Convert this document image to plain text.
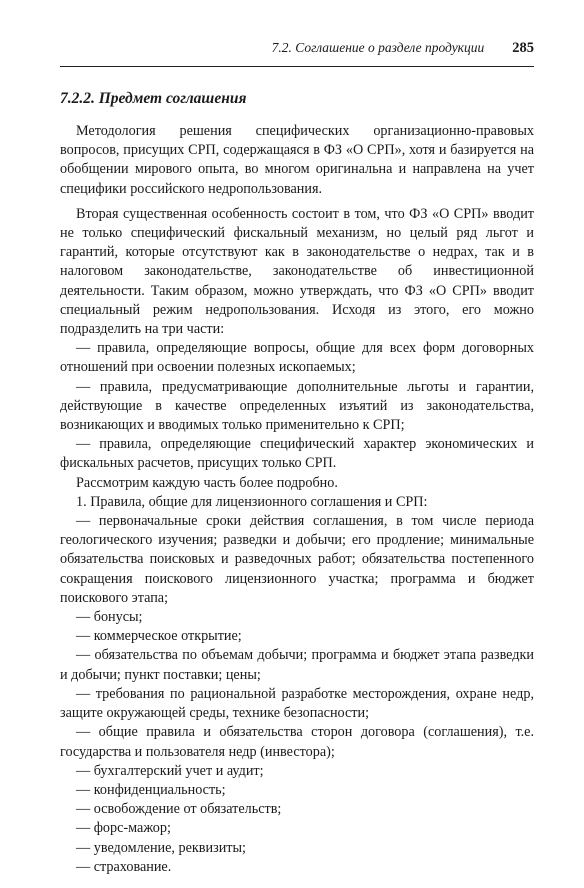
7.2. Соглашение о разделе продукции 285
7.2.2. Предмет соглашения

Методология решения специфических организационно-правовых вопросов, присущих СРП, содержащаяся в ФЗ «О СРП», хотя и базируется на обобщении мирового опыта, во многом оригинальна и направлена на учет специфики российского недропользования.

Вторая существенная особенность состоит в том, что ФЗ «О СРП» вводит не только специфический фискальный механизм, но целый ряд льгот и гарантий, которые отсутствуют как в законодательстве о недрах, так и в налоговом законодательстве, законодательстве об инвестиционной деятельности. Таким образом, можно утверждать, что ФЗ «О СРП» вводит специальный режим недропользования. Исходя из этого, его можно подразделить на три части:

— правила, определяющие вопросы, общие для всех форм договорных отношений при освоении полезных ископаемых;

— правила, предусматривающие дополнительные льготы и гарантии, действующие в качестве определенных изъятий из законодательства, возникающих и вводимых только применительно к СРП;

— правила, определяющие специфический характер экономических и фискальных расчетов, присущих только СРП.

Рассмотрим каждую часть более подробно.

1. Правила, общие для лицензионного соглашения и СРП:

— первоначальные сроки действия соглашения, в том числе периода геологического изучения; разведки и добычи; его продление; минимальные обязательства поисковых и разведочных работ; обязательства постепенного сокращения поискового лицензионного участка; программа и бюджет поискового этапа;

— бонусы;

— коммерческое открытие;

— обязательства по объемам добычи; программа и бюджет этапа разведки и добычи; пункт поставки; цены;

— требования по рациональной разработке месторождения, охране недр, защите окружающей среды, технике безопасности;

— общие правила и обязательства сторон договора (соглашения), т.е. государства и пользователя недр (инвестора);

— бухгалтерский учет и аудит;

— конфиденциальность;

— освобождение от обязательств;

— форс-мажор;

— уведомление, реквизиты;

— страхование.
